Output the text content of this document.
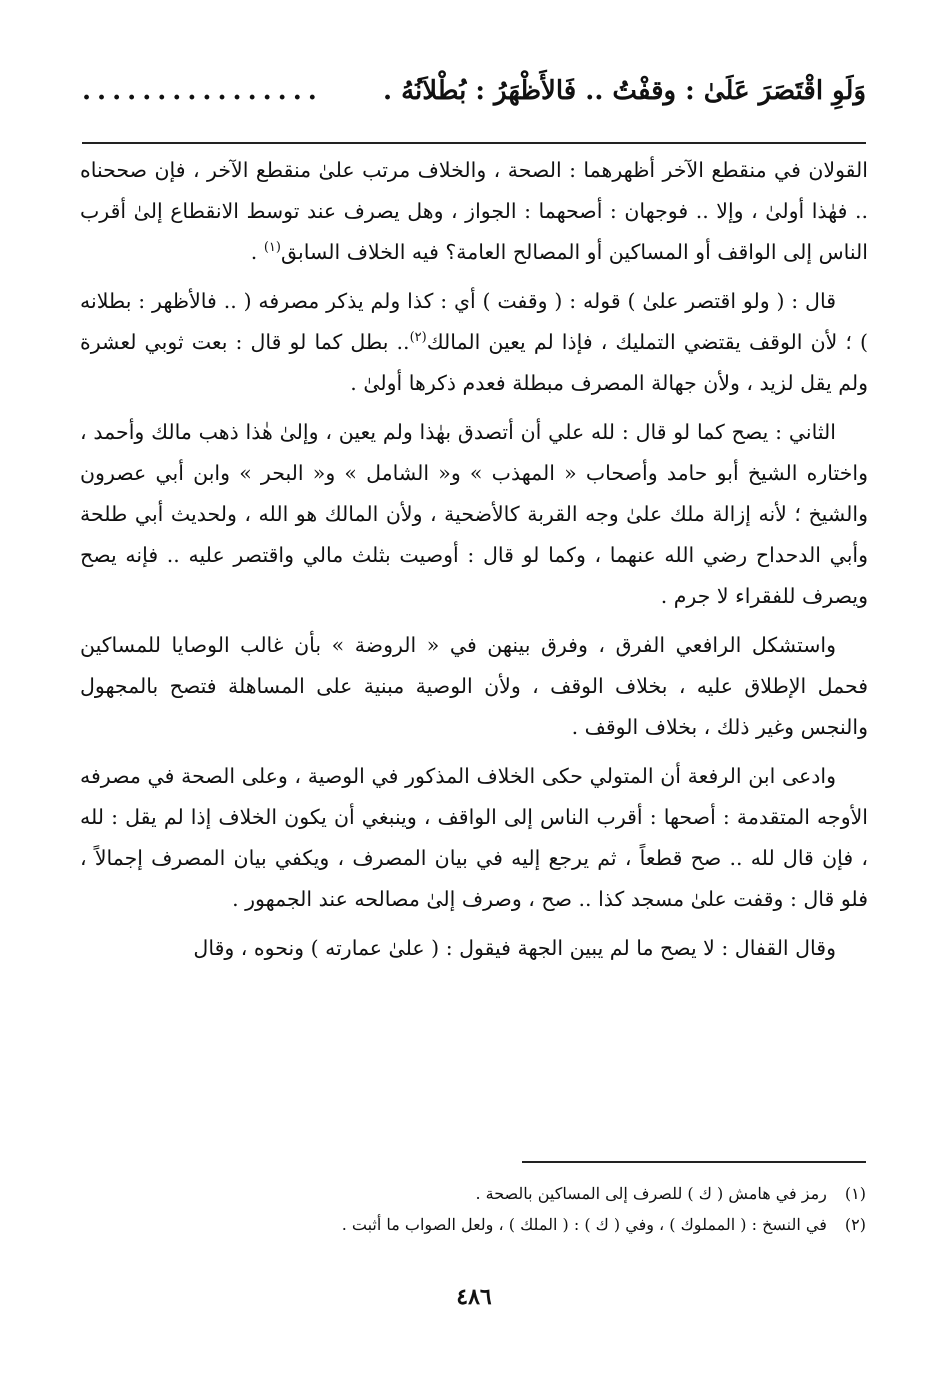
وَلَوِ اقْتَصَرَ عَلَىٰ : وقفْتُ .. فَالأَظْهَرُ : بُطْلاَنُهُ .
................

القولان في منقطع الآخر أظهرهما : الصحة ، والخلاف مرتب علىٰ منقطع الآخر ، فإن صححناه .. فهٰذا أولىٰ ، وإلا .. فوجهان : أصحهما : الجواز ، وهل يصرف عند توسط الانقطاع إلىٰ أقرب الناس إلى الواقف أو المساكين أو المصالح العامة؟ فيه الخلاف السابق$^{(١)}$ .

قال : ( ولو اقتصر علىٰ ) قوله : ( وقفت ) أي : كذا ولم يذكر مصرفه ( .. فالأظهر : بطلانه ) ؛ لأن الوقف يقتضي التمليك ، فإذا لم يعين المالك$^{(٢)}$.. بطل كما لو قال : بعت ثوبي لعشرة ولم يقل لزيد ، ولأن جهالة المصرف مبطلة فعدم ذكرها أولىٰ .

الثاني : يصح كما لو قال : لله علي أن أتصدق بهٰذا ولم يعين ، وإلىٰ هٰذا ذهب مالك وأحمد ، واختاره الشيخ أبو حامد وأصحاب « المهذب » و« الشامل » و« البحر » وابن أبي عصرون والشيخ ؛ لأنه إزالة ملك علىٰ وجه القربة كالأضحية ، ولأن المالك هو الله ، ولحديث أبي طلحة وأبي الدحداح رضي الله عنهما ، وكما لو قال : أوصيت بثلث مالي واقتصر عليه .. فإنه يصح ويصرف للفقراء لا جرم .

واستشكل الرافعي الفرق ، وفرق بينهن في « الروضة » بأن غالب الوصايا للمساكين فحمل الإطلاق عليه ، بخلاف الوقف ، ولأن الوصية مبنية على المساهلة فتصح بالمجهول والنجس وغير ذلك ، بخلاف الوقف .

وادعى ابن الرفعة أن المتولي حكى الخلاف المذكور في الوصية ، وعلى الصحة في مصرفه الأوجه المتقدمة : أصحها : أقرب الناس إلى الواقف ، وينبغي أن يكون الخلاف إذا لم يقل : لله ، فإن قال لله .. صح قطعاً ، ثم يرجع إليه في بيان المصرف ، ويكفي بيان المصرف إجمالاً ، فلو قال : وقفت علىٰ مسجد كذا .. صح ، وصرف إلىٰ مصالحه عند الجمهور .

وقال القفال : لا يصح ما لم يبين الجهة فيقول : ( علىٰ عمارته ) ونحوه ، وقال

(١)
رمز في هامش ( ك ) للصرف إلى المساكين بالصحة .
(٢)
في النسخ : ( المملوك ) ، وفي ( ك ) : ( الملك ) ، ولعل الصواب ما أثبت .
٤٨٦
